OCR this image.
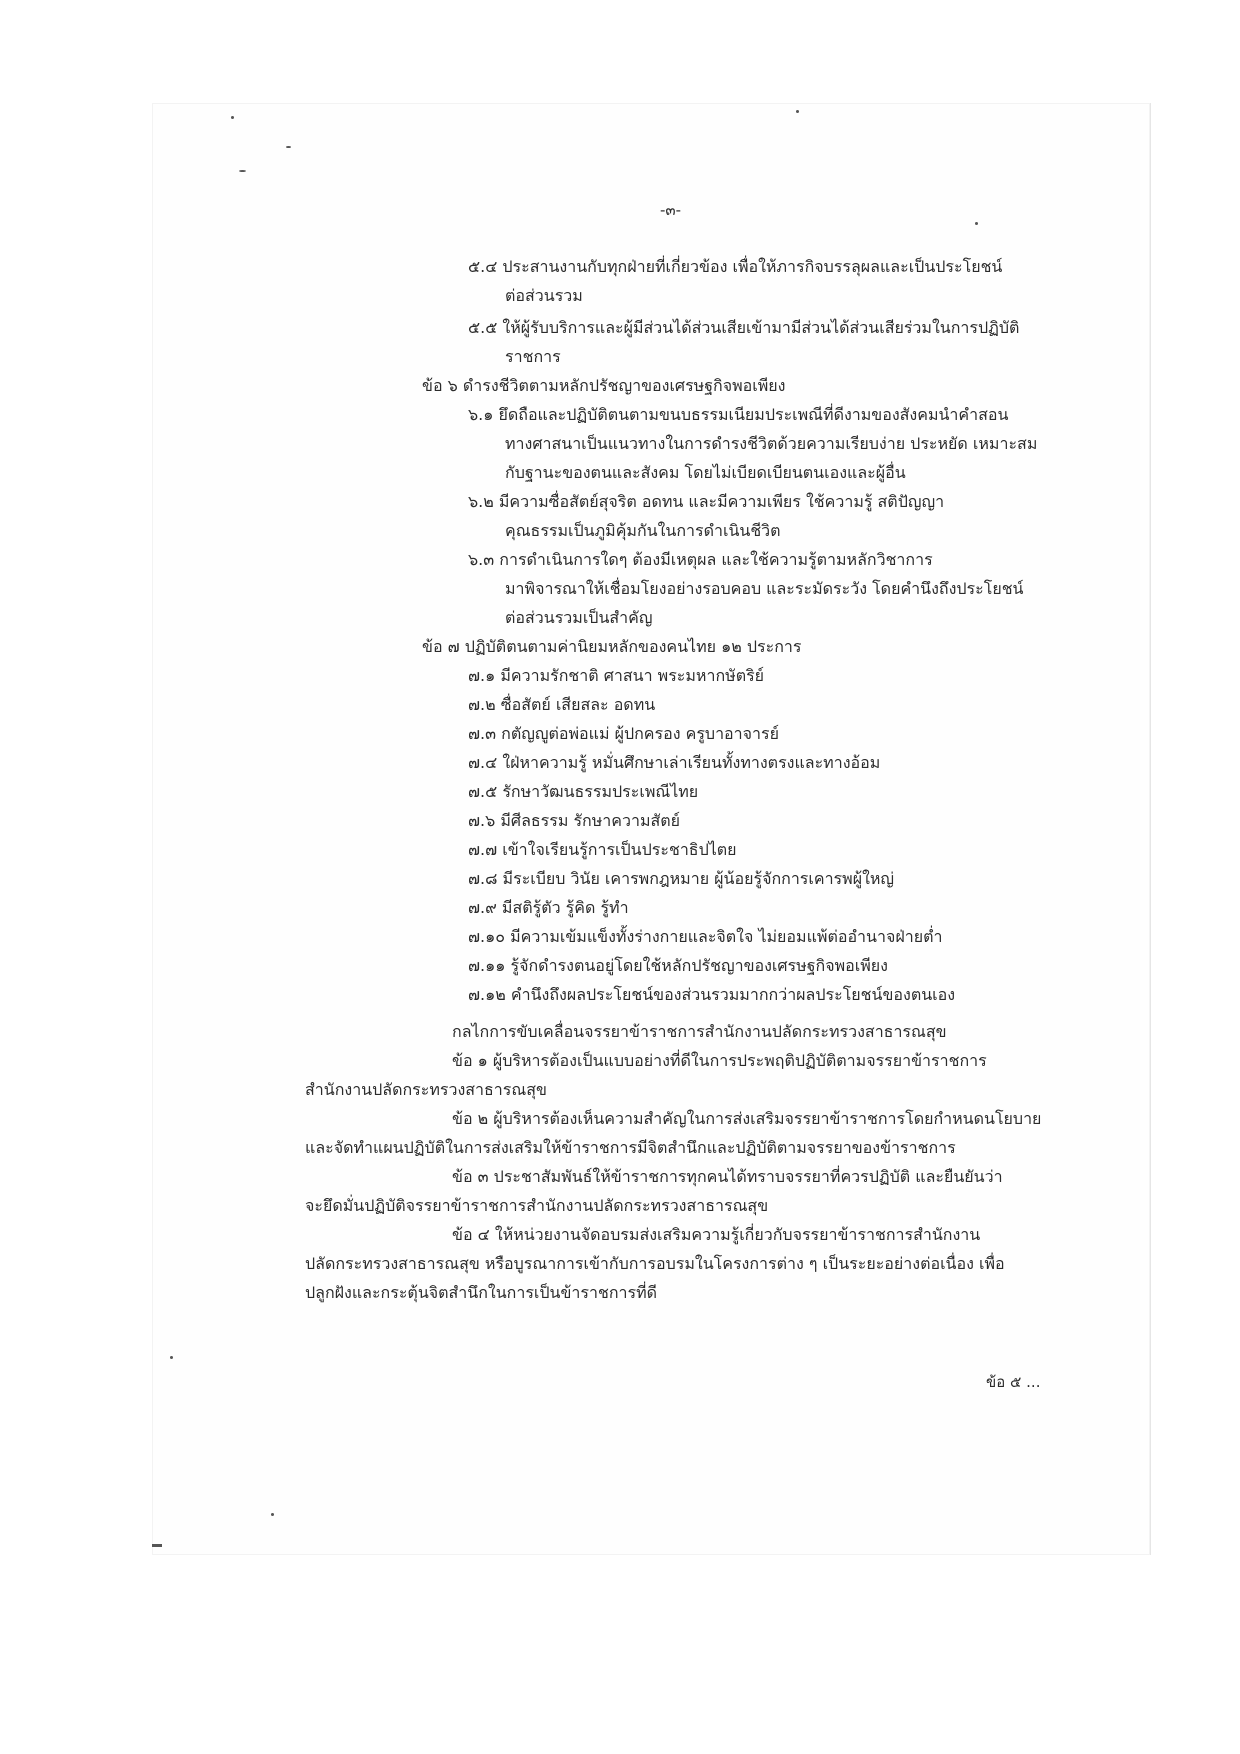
-๓-
๕.๔ ประสานงานกับทุกฝ่ายที่เกี่ยวข้อง เพื่อให้ภารกิจบรรลุผลและเป็นประโยชน์
ต่อส่วนรวม
๕.๕ ให้ผู้รับบริการและผู้มีส่วนได้ส่วนเสียเข้ามามีส่วนได้ส่วนเสียร่วมในการปฏิบัติ
ราชการ
ข้อ ๖ ดำรงชีวิตตามหลักปรัชญาของเศรษฐกิจพอเพียง
๖.๑ ยึดถือและปฏิบัติตนตามขนบธรรมเนียมประเพณีที่ดีงามของสังคมนำคำสอน
ทางศาสนาเป็นแนวทางในการดำรงชีวิตด้วยความเรียบง่าย ประหยัด เหมาะสม
กับฐานะของตนและสังคม โดยไม่เบียดเบียนตนเองและผู้อื่น
๖.๒ มีความซื่อสัตย์สุจริต อดทน และมีความเพียร ใช้ความรู้ สติปัญญา
คุณธรรมเป็นภูมิคุ้มกันในการดำเนินชีวิต
๖.๓ การดำเนินการใดๆ ต้องมีเหตุผล และใช้ความรู้ตามหลักวิชาการ
มาพิจารณาให้เชื่อมโยงอย่างรอบคอบ และระมัดระวัง โดยคำนึงถึงประโยชน์
ต่อส่วนรวมเป็นสำคัญ
ข้อ ๗ ปฏิบัติตนตามค่านิยมหลักของคนไทย ๑๒ ประการ
๗.๑ มีความรักชาติ ศาสนา พระมหากษัตริย์
๗.๒ ซื่อสัตย์ เสียสละ อดทน
๗.๓ กตัญญูต่อพ่อแม่ ผู้ปกครอง ครูบาอาจารย์
๗.๔ ใฝ่หาความรู้ หมั่นศึกษาเล่าเรียนทั้งทางตรงและทางอ้อม
๗.๕ รักษาวัฒนธรรมประเพณีไทย
๗.๖ มีศีลธรรม รักษาความสัตย์
๗.๗ เข้าใจเรียนรู้การเป็นประชาธิปไตย
๗.๘ มีระเบียบ วินัย เคารพกฎหมาย ผู้น้อยรู้จักการเคารพผู้ใหญ่
๗.๙ มีสติรู้ตัว รู้คิด รู้ทำ
๗.๑๐ มีความเข้มแข็งทั้งร่างกายและจิตใจ ไม่ยอมแพ้ต่ออำนาจฝ่ายต่ำ
๗.๑๑ รู้จักดำรงตนอยู่โดยใช้หลักปรัชญาของเศรษฐกิจพอเพียง
๗.๑๒ คำนึงถึงผลประโยชน์ของส่วนรวมมากกว่าผลประโยชน์ของตนเอง
กลไกการขับเคลื่อนจรรยาข้าราชการสำนักงานปลัดกระทรวงสาธารณสุข
ข้อ ๑ ผู้บริหารต้องเป็นแบบอย่างที่ดีในการประพฤติปฏิบัติตามจรรยาข้าราชการ
สำนักงานปลัดกระทรวงสาธารณสุข
ข้อ ๒ ผู้บริหารต้องเห็นความสำคัญในการส่งเสริมจรรยาข้าราชการโดยกำหนดนโยบาย
และจัดทำแผนปฏิบัติในการส่งเสริมให้ข้าราชการมีจิตสำนึกและปฏิบัติตามจรรยาของข้าราชการ
ข้อ ๓ ประชาสัมพันธ์ให้ข้าราชการทุกคนได้ทราบจรรยาที่ควรปฏิบัติ และยืนยันว่า
จะยึดมั่นปฏิบัติจรรยาข้าราชการสำนักงานปลัดกระทรวงสาธารณสุข
ข้อ ๔ ให้หน่วยงานจัดอบรมส่งเสริมความรู้เกี่ยวกับจรรยาข้าราชการสำนักงาน
ปลัดกระทรวงสาธารณสุข หรือบูรณาการเข้ากับการอบรมในโครงการต่าง ๆ เป็นระยะอย่างต่อเนื่อง เพื่อ
ปลูกฝังและกระตุ้นจิตสำนึกในการเป็นข้าราชการที่ดี
ข้อ ๕ ...
